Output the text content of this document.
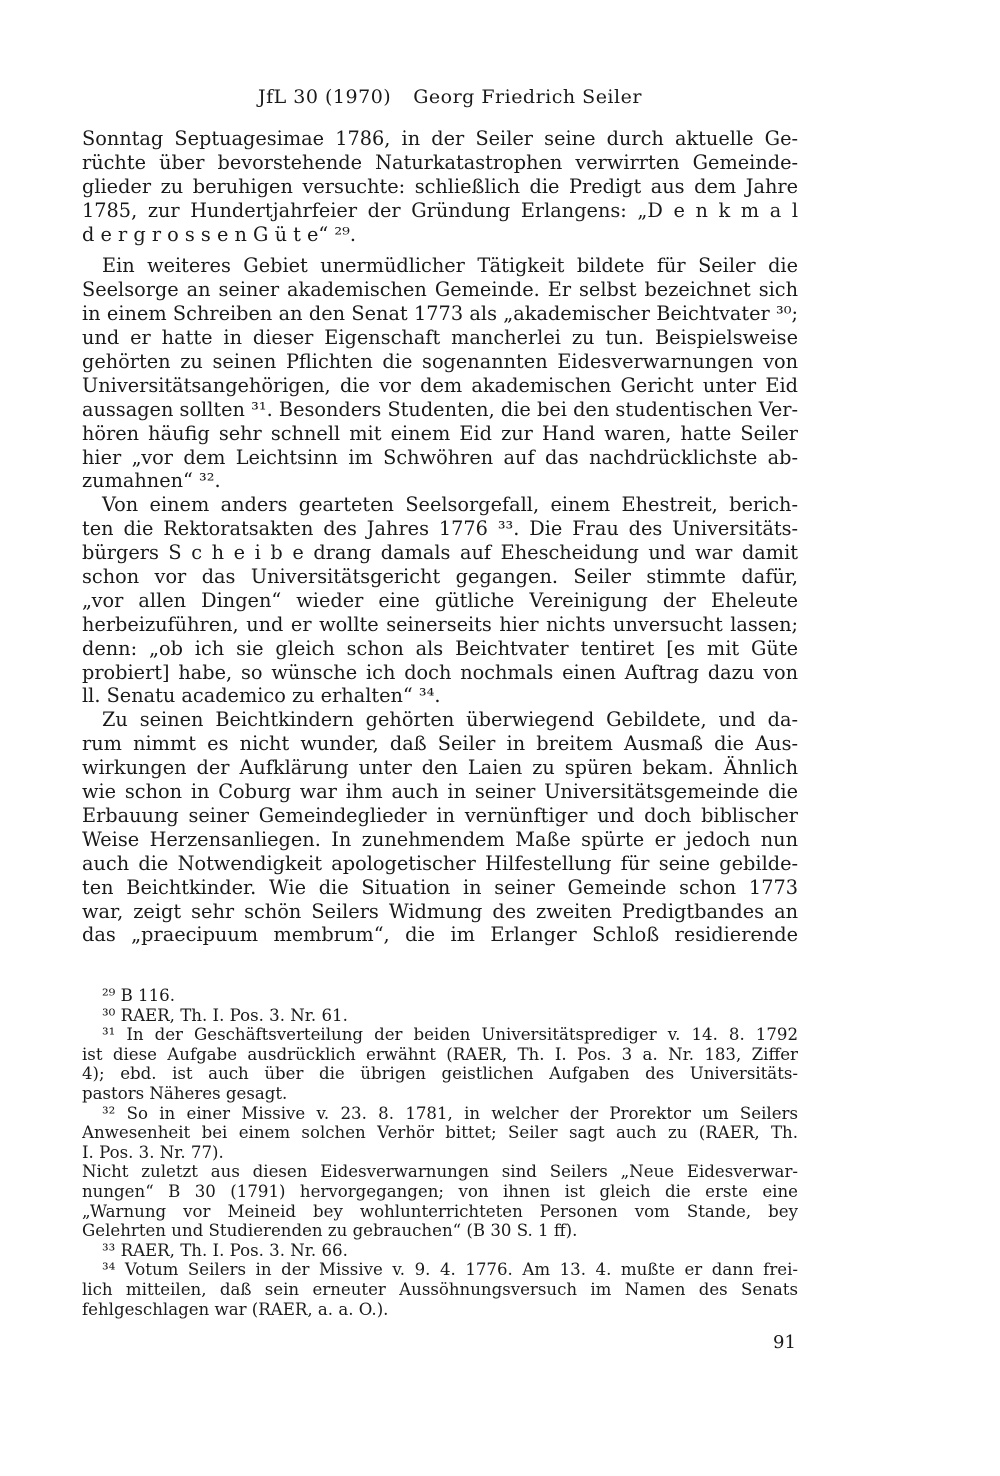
JfL 30 (1970) Georg Friedrich Seiler
Sonntag Septuagesimae 1786, in der Seiler seine durch aktuelle Ge-
rüchte über bevorstehende Naturkatastrophen verwirrten Gemeinde-
glieder zu beruhigen versuchte: schließlich die Predigt aus dem Jahre
1785, zur Hundertjahrfeier der Gründung Erlangens: „D e n k m a l
d e r g r o s s e n G ü t e“ ²⁹.
Ein weiteres Gebiet unermüdlicher Tätigkeit bildete für Seiler die
Seelsorge an seiner akademischen Gemeinde. Er selbst bezeichnet sich
in einem Schreiben an den Senat 1773 als „akademischer Beichtvater ³⁰;
und er hatte in dieser Eigenschaft mancherlei zu tun. Beispielsweise
gehörten zu seinen Pflichten die sogenannten Eidesverwarnungen von
Universitätsangehörigen, die vor dem akademischen Gericht unter Eid
aussagen sollten ³¹. Besonders Studenten, die bei den studentischen Ver-
hören häufig sehr schnell mit einem Eid zur Hand waren, hatte Seiler
hier „vor dem Leichtsinn im Schwöhren auf das nachdrücklichste ab-
zumahnen“ ³².
Von einem anders gearteten Seelsorgefall, einem Ehestreit, berich-
ten die Rektoratsakten des Jahres 1776 ³³. Die Frau des Universitäts-
bürgers S c h e i b e drang damals auf Ehescheidung und war damit
schon vor das Universitätsgericht gegangen. Seiler stimmte dafür,
„vor allen Dingen“ wieder eine gütliche Vereinigung der Eheleute
herbeizuführen, und er wollte seinerseits hier nichts unversucht lassen;
denn: „ob ich sie gleich schon als Beichtvater tentiret [es mit Güte
probiert] habe, so wünsche ich doch nochmals einen Auftrag dazu von
ll. Senatu academico zu erhalten“ ³⁴.
Zu seinen Beichtkindern gehörten überwiegend Gebildete, und da-
rum nimmt es nicht wunder, daß Seiler in breitem Ausmaß die Aus-
wirkungen der Aufklärung unter den Laien zu spüren bekam. Ähnlich
wie schon in Coburg war ihm auch in seiner Universitätsgemeinde die
Erbauung seiner Gemeindeglieder in vernünftiger und doch biblischer
Weise Herzensanliegen. In zunehmendem Maße spürte er jedoch nun
auch die Notwendigkeit apologetischer Hilfestellung für seine gebilde-
ten Beichtkinder. Wie die Situation in seiner Gemeinde schon 1773
war, zeigt sehr schön Seilers Widmung des zweiten Predigtbandes an
das „praecipuum membrum“, die im Erlanger Schloß residierende
²⁹ B 116.
³⁰ RAER, Th. I. Pos. 3. Nr. 61.
³¹ In der Geschäftsverteilung der beiden Universitätsprediger v. 14. 8. 1792
ist diese Aufgabe ausdrücklich erwähnt (RAER, Th. I. Pos. 3 a. Nr. 183, Ziffer
4); ebd. ist auch über die übrigen geistlichen Aufgaben des Universitäts-
pastors Näheres gesagt.
³² So in einer Missive v. 23. 8. 1781, in welcher der Prorektor um Seilers
Anwesenheit bei einem solchen Verhör bittet; Seiler sagt auch zu (RAER, Th.
I. Pos. 3. Nr. 77).
Nicht zuletzt aus diesen Eidesverwarnungen sind Seilers „Neue Eidesverwar-
nungen“ B 30 (1791) hervorgegangen; von ihnen ist gleich die erste eine
„Warnung vor Meineid bey wohlunterrichteten Personen vom Stande, bey
Gelehrten und Studierenden zu gebrauchen“ (B 30 S. 1 ff).
³³ RAER, Th. I. Pos. 3. Nr. 66.
³⁴ Votum Seilers in der Missive v. 9. 4. 1776. Am 13. 4. mußte er dann frei-
lich mitteilen, daß sein erneuter Aussöhnungsversuch im Namen des Senats
fehlgeschlagen war (RAER, a. a. O.).
91
